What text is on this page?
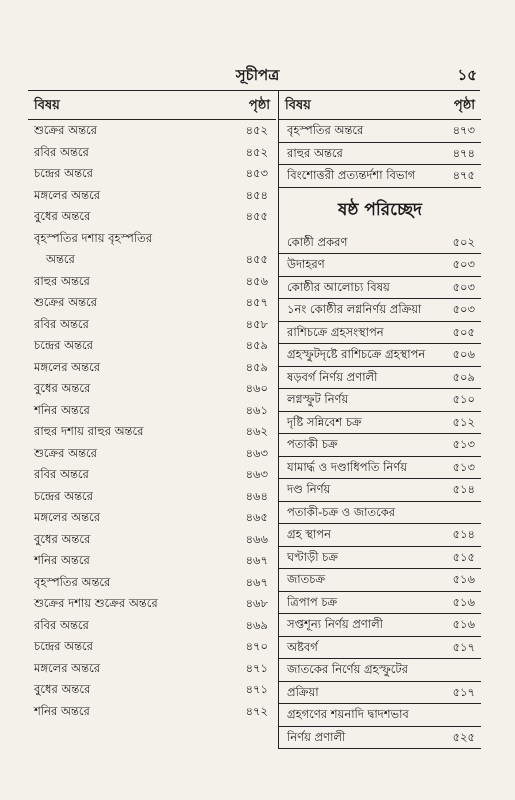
সূচীপত্র	১৫
বিষয়	পৃষ্ঠা
শুক্রের অন্তরে	৪৫২
রবির অন্তরে	৪৫২
চন্দ্রের অন্তরে	৪৫৩
মঙ্গলের অন্তরে	৪৫৪
বুধের অন্তরে	৪৫৫
বৃহস্পতির দশায় বৃহস্পতির
অন্তরে	৪৫৫
রাহুর অন্তরে	৪৫৬
শুক্রের অন্তরে	৪৫৭
রবির অন্তরে	৪৫৮
চন্দ্রের অন্তরে	৪৫৯
মঙ্গলের অন্তরে	৪৫৯
বুধের অন্তরে	৪৬০
শনির অন্তরে	৪৬১
রাহুর দশায় রাহুর অন্তরে	৪৬২
শুক্রের অন্তরে	৪৬৩
রবির অন্তরে	৪৬৩
চন্দ্রের অন্তরে	৪৬৪
মঙ্গলের অন্তরে	৪৬৫
বুধের অন্তরে	৪৬৬
শনির অন্তরে	৪৬৭
বৃহস্পতির অন্তরে	৪৬৭
শুক্রের দশায় শুক্রের অন্তরে	৪৬৮
রবির অন্তরে	৪৬৯
চন্দ্রের অন্তরে	৪৭০
মঙ্গলের অন্তরে	৪৭১
বুধের অন্তরে	৪৭১
শনির অন্তরে	৪৭২
বিষয়	পৃষ্ঠা
বৃহস্পতির অন্তরে	৪৭৩
রাহুর অন্তরে	৪৭৪
বিংশোত্তরী প্রত্যন্তর্দশা বিভাগ	৪৭৫
ষষ্ঠ পরিচ্ছেদ
কোষ্ঠী প্রকরণ	৫০২
উদাহরণ	৫০৩
কোষ্ঠীর আলোচ্য বিষয়	৫০৩
১নং কোষ্ঠীর লগ্ননির্ণয় প্রক্রিয়া	৫০৩
রাশিচক্রে গ্রহসংস্থাপন	৫০৫
গ্রহস্ফুটদৃষ্টে রাশিচক্রে গ্রহস্থাপন ৫০৬
ষড়বর্গ নির্ণয় প্রণালী	৫০৯
লগ্নস্ফুট নির্ণয়	৫১০
দৃষ্টি সন্নিবেশ চক্র	৫১২
পতাকী চক্র	৫১৩
যামার্দ্ধ ও দণ্ডাধিপতি নির্ণয়	৫১৩
দণ্ড নির্ণয়	৫১৪
পতাকী-চক্র ও জাতকের
গ্রহ স্থাপন	৫১৪
ঘণ্টাড়ী চক্র	৫১৫
জাতচক্র	৫১৬
ত্রিপাপ চক্র	৫১৬
সপ্তশূন্য নির্ণয় প্রণালী	৫১৬
অষ্টবর্গ	৫১৭
জাতকের নির্ণেয় গ্রহস্ফুটের
প্রক্রিয়া	৫১৭
গ্রহগণের শয়নাদি দ্বাদশভাব
নির্ণয় প্রণালী	৫২৫
